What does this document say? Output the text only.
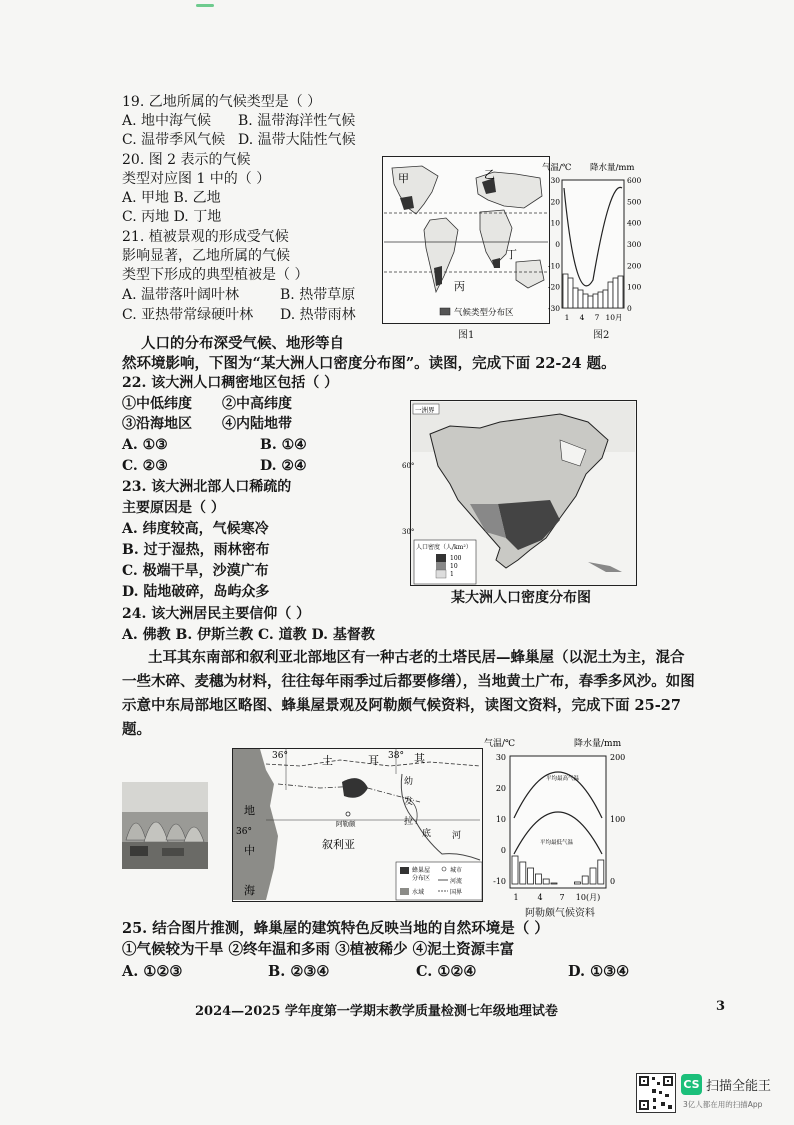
19. 乙地所属的气候类型是（ ）
A. 地中海气候 B. 温带海洋性气候
C. 温带季风气候 D. 温带大陆性气候
20. 图 2 表示的气候
类型对应图 1 中的（ ）
A. 甲地 B. 乙地
C. 丙地 D. 丁地
21. 植被景观的形成受气候
影响显著，乙地所属的气候
类型下形成的典型植被是（ ）
A. 温带落叶阔叶林	B. 热带草原
C. 亚热带常绿硬叶林 D. 热带雨林
甲	乙
丙
丁
气候类型分布区
图1
气温/℃ 降水量/mm
30
20
10
0
-10
-20
-30
600
500
400
300
200
100
0
1 4 7 10月
图2
人口的分布深受气候、地形等自
然环境影响，下图为“某大洲人口密度分布图”。读图，完成下面 22-24 题。
22. 该大洲人口稠密地区包括（ ）
①中低纬度 ②中高纬度
③沿海地区 ④内陆地带
A. ①③	B. ①④
C. ②③	D. ②④
23. 该大洲北部人口稀疏的
主要原因是（ ）
A. 纬度较高，气候寒冷
B. 过于湿热，雨林密布
C. 极端干旱，沙漠广布
D. 陆地破碎，岛屿众多
一洲界
60°
30°
人口密度（人/km²）
100
10
1
某大洲人口密度分布图
24. 该大洲居民主要信仰（ ）
A. 佛教 B. 伊斯兰教 C. 道教 D. 基督教
土耳其东南部和叙利亚北部地区有一种古老的土塔民居—蜂巢屋（以泥土为主，混合一些木碎、麦穗为材料，往往每年雨季过后都要修缮），当地黄土广布，春季多风沙。如图示意中东局部地区略图、蜂巢屋景观及阿勒颇气候资料，读图文资料，完成下面 25-27 题。
36°	38°
36°
土	耳	其
地
中
海
幼
发
拉
底 河
阿勒颇
叙利亚
蜂巢屋
分布区
城市
河流
国界
水域
气温/℃	降水量/mm
30
20
10
0
-10
200
100
0
平均最高气温
平均最低气温
1 4 7 10(月)
阿勒颇气候资料
25. 结合图片推测，蜂巢屋的建筑特色反映当地的自然环境是（ ）
①气候较为干旱 ②终年温和多雨 ③植被稀少 ④泥土资源丰富
A. ①②③	B. ②③④	C. ①②④	D. ①③④
2024—2025 学年度第一学期末教学质量检测七年级地理试卷	3
CS 扫描全能王
3亿人都在用的扫描App
